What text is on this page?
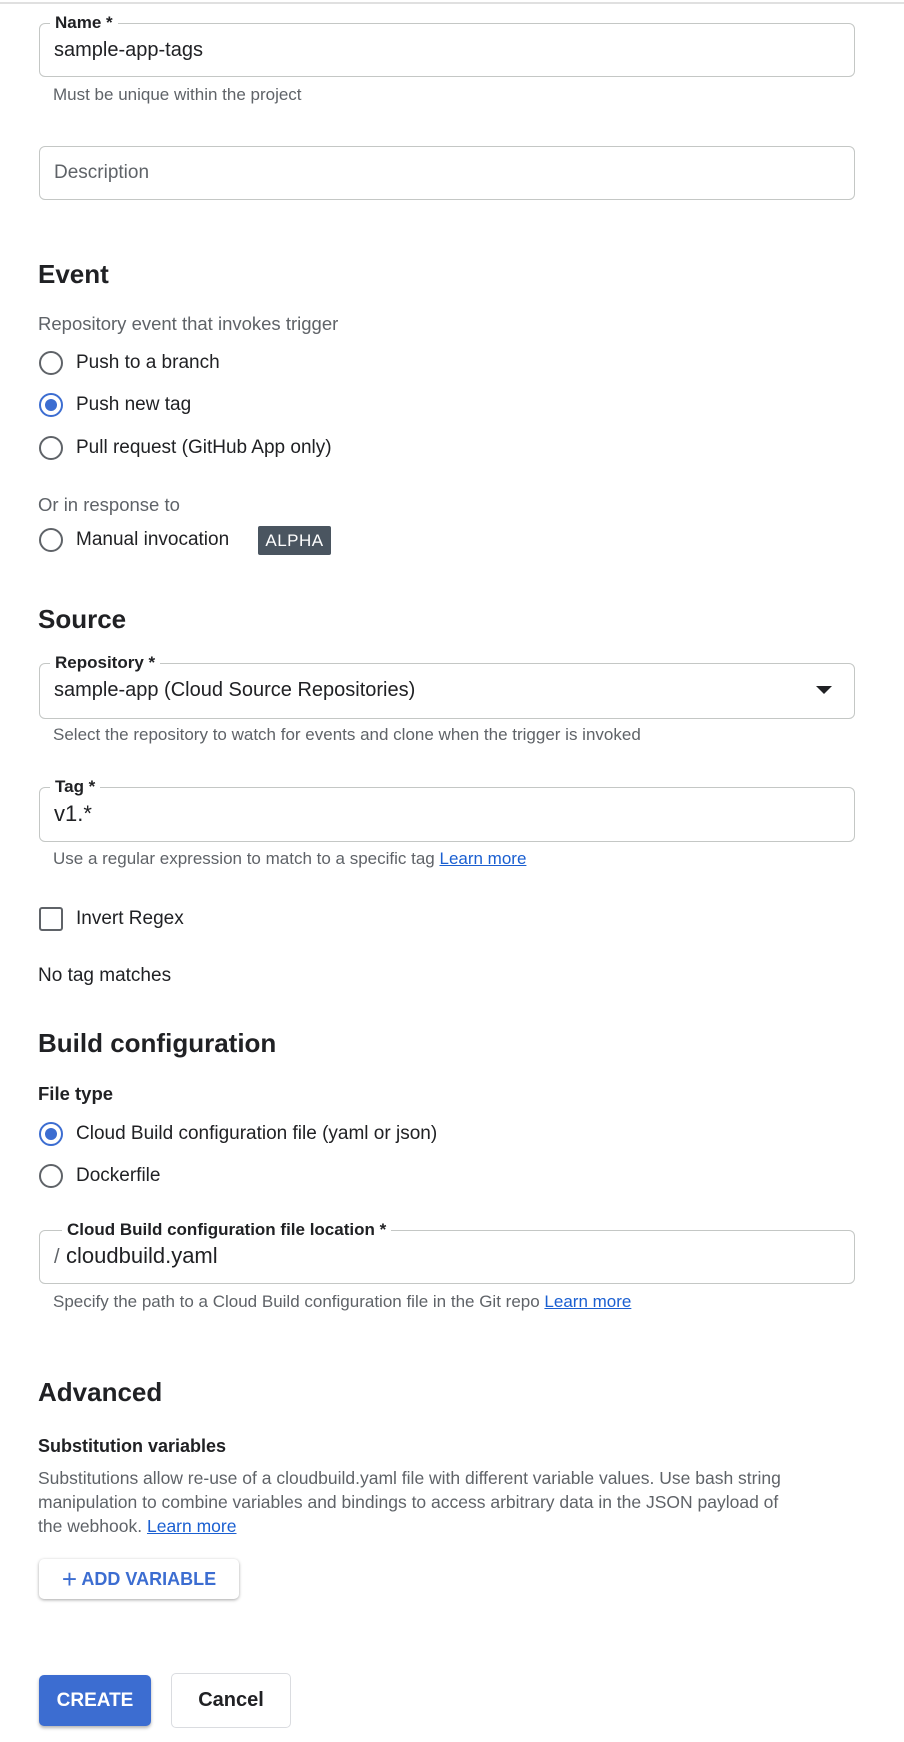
Name *
sample-app-tags
Must be unique within the project
Description
Event
Repository event that invokes trigger
Push to a branch
Push new tag
Pull request (GitHub App only)
Or in response to
Manual invocation	ALPHA
Source
Repository *
sample-app (Cloud Source Repositories)
Select the repository to watch for events and clone when the trigger is invoked
Tag *
v1.*
Use a regular expression to match to a specific tag Learn more
Invert Regex
No tag matches
Build configuration
File type
Cloud Build configuration file (yaml or json)
Dockerfile
Cloud Build configuration file location *
/ cloudbuild.yaml
Specify the path to a Cloud Build configuration file in the Git repo Learn more
Advanced
Substitution variables
Substitutions allow re-use of a cloudbuild.yaml file with different variable values. Use bash string
manipulation to combine variables and bindings to access arbitrary data in the JSON payload of
the webhook. Learn more
+ ADD VARIABLE
CREATE	Cancel
